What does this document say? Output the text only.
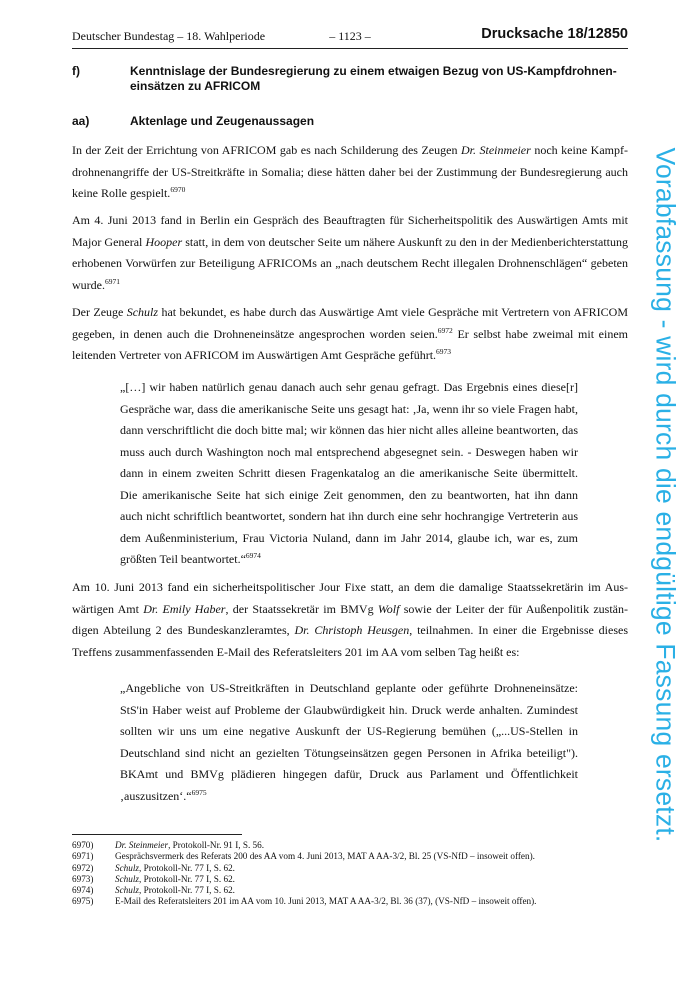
Deutscher Bundestag – 18. Wahlperiode	– 1123 –	Drucksache 18/12850
f)	Kenntnislage der Bundesregierung zu einem etwaigen Bezug von US-Kampfdrohnen-
einsätzen zu AFRICOM
aa)	Aktenlage und Zeugenaussagen
In der Zeit der Errichtung von AFRICOM gab es nach Schilderung des Zeugen Dr. Steinmeier noch keine Kampfdrohnenangriffe der US-Streitkräfte in Somalia; diese hätten daher bei der Zustimmung der Bundesregierung auch keine Rolle gespielt.$^{6970}$
Am 4. Juni 2013 fand in Berlin ein Gespräch des Beauftragten für Sicherheitspolitik des Auswärtigen Amts mit Major General Hooper statt, in dem von deutscher Seite um nähere Auskunft zu den in der Medienberichterstattung erhobenen Vorwürfen zur Beteiligung AFRICOMs an „nach deutschem Recht illegalen Drohnenschlägen“ gebeten wurde.$^{6971}$
Der Zeuge Schulz hat bekundet, es habe durch das Auswärtige Amt viele Gespräche mit Vertretern von AFRICOM gegeben, in denen auch die Drohneneinsätze angesprochen worden seien.$^{6972}$ Er selbst habe zweimal mit einem leitenden Vertreter von AFRICOM im Auswärtigen Amt Gespräche geführt.$^{6973}$
„[…] wir haben natürlich genau danach auch sehr genau gefragt. Das Ergebnis eines diese[r] Gespräche war, dass die amerikanische Seite uns gesagt hat: ‚Ja, wenn ihr so viele Fragen habt, dann verschriftlicht die doch bitte mal; wir können das hier nicht alles alleine beantworten, das muss auch durch Washington noch mal entsprechend abgesegnet sein. - Deswegen haben wir dann in einem zweiten Schritt diesen Fragenkatalog an die amerikanische Seite übermittelt. Die amerikanische Seite hat sich einige Zeit genommen, den zu beantworten, hat ihn dann auch nicht schriftlich beantwortet, sondern hat ihn durch eine sehr hochrangige Vertreterin aus dem Außenministerium, Frau Victoria Nuland, dann im Jahr 2014, glaube ich, war es, zum größten Teil beantwortet.“$^{6974}$
Am 10. Juni 2013 fand ein sicherheitspolitischer Jour Fixe statt, an dem die damalige Staatssekretärin im Auswärtigen Amt Dr. Emily Haber, der Staatssekretär im BMVg Wolf sowie der Leiter der für Außenpolitik zuständigen Abteilung 2 des Bundeskanzleramtes, Dr. Christoph Heusgen, teilnahmen. In einer die Ergebnisse dieses Treffens zusammenfassenden E-Mail des Referatsleiters 201 im AA vom selben Tag heißt es:
„Angebliche von US-Streitkräften in Deutschland geplante oder geführte Drohneneinsätze: StS'in Haber weist auf Probleme der Glaubwürdigkeit hin. Druck werde anhalten. Zumindest sollten wir uns um eine negative Auskunft der US-Regierung bemühen („...US-Stellen in Deutschland sind nicht an gezielten Tötungseinsätzen gegen Personen in Afrika beteiligt"). BKAmt und BMVg plädieren hingegen dafür, Druck aus Parlament und Öffentlichkeit ‚auszusitzen‘.“$^{6975}$
6970) Dr. Steinmeier, Protokoll-Nr. 91 I, S. 56.
6971) Gesprächsvermerk des Referats 200 des AA vom 4. Juni 2013, MAT A AA-3/2, Bl. 25 (VS-NfD – insoweit offen).
6972) Schulz, Protokoll-Nr. 77 I, S. 62.
6973) Schulz, Protokoll-Nr. 77 I, S. 62.
6974) Schulz, Protokoll-Nr. 77 I, S. 62.
6975) E-Mail des Referatsleiters 201 im AA vom 10. Juni 2013, MAT A AA-3/2, Bl. 36 (37), (VS-NfD – insoweit offen).
Vorabfassung - wird durch die endgültige Fassung ersetzt.
